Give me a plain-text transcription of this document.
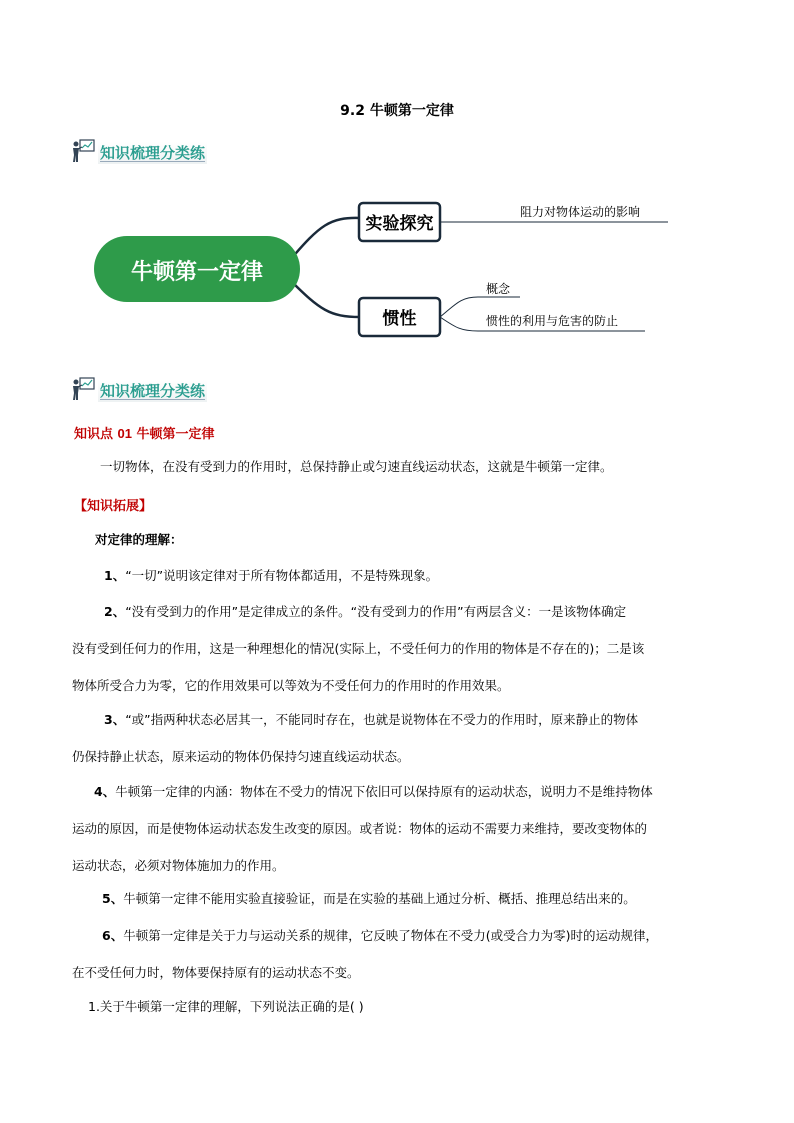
9.2 牛顿第一定律
知识梳理分类练
牛顿第一定律
实验探究
惯性
阻力对物体运动的影响
概念
惯性的利用与危害的防止
知识梳理分类练
知识点 01 牛顿第一定律
一切物体，在没有受到力的作用时，总保持静止或匀速直线运动状态，这就是牛顿第一定律。
【知识拓展】
对定律的理解：
1、“一切”说明该定律对于所有物体都适用，不是特殊现象。
2、“没有受到力的作用”是定律成立的条件。“没有受到力的作用”有两层含义：一是该物体确定
没有受到任何力的作用，这是一种理想化的情况(实际上，不受任何力的作用的物体是不存在的)；二是该
物体所受合力为零，它的作用效果可以等效为不受任何力的作用时的作用效果。
3、“或”指两种状态必居其一，不能同时存在，也就是说物体在不受力的作用时，原来静止的物体
仍保持静止状态，原来运动的物体仍保持匀速直线运动状态。
4、牛顿第一定律的内涵：物体在不受力的情况下依旧可以保持原有的运动状态，说明力不是维持物体
运动的原因，而是使物体运动状态发生改变的原因。或者说：物体的运动不需要力来维持，要改变物体的
运动状态，必须对物体施加力的作用。
5、牛顿第一定律不能用实验直接验证，而是在实验的基础上通过分析、概括、推理总结出来的。
6、牛顿第一定律是关于力与运动关系的规律，它反映了物体在不受力(或受合力为零)时的运动规律，
在不受任何力时，物体要保持原有的运动状态不变。
1.关于牛顿第一定律的理解，下列说法正确的是( )
